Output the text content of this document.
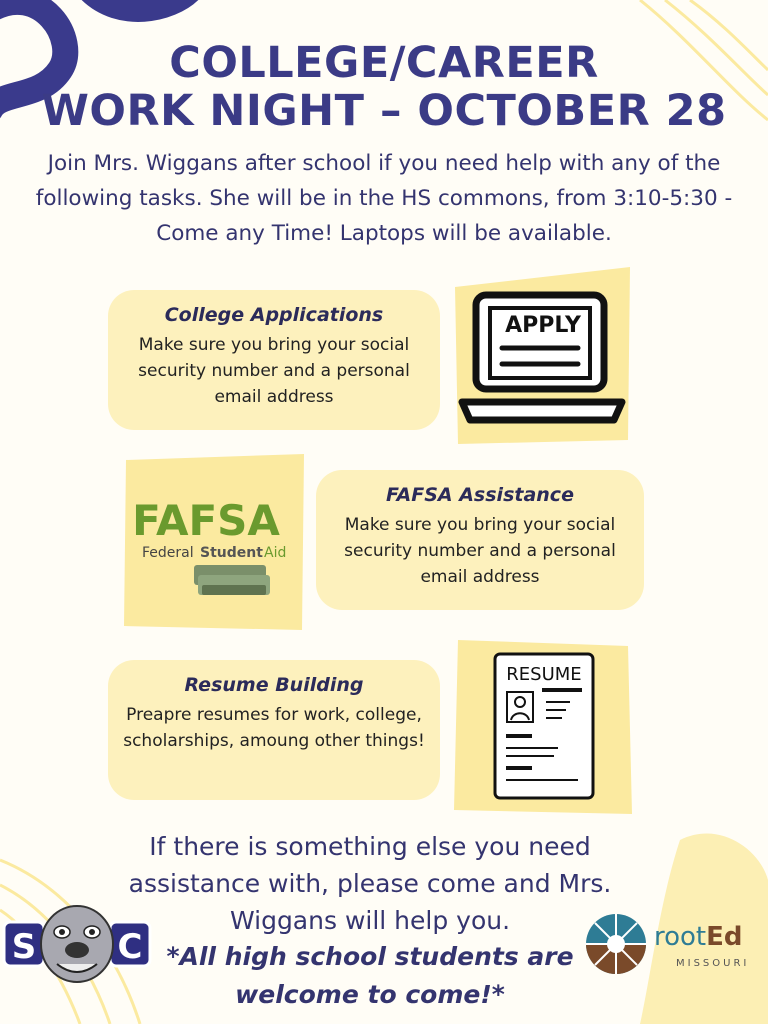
COLLEGE/CAREER
WORK NIGHT – OCTOBER 28
Join Mrs. Wiggans after school if you need help with any of the following tasks. She will be in the HS commons, from 3:10-5:30 - Come any Time! Laptops will be available.
College Applications
Make sure you bring your social security number and a personal email address
APPLY
FAFSA
Federal Student Aid
FAFSA Assistance
Make sure you bring your social security number and a personal email address
Resume Building
Preapre resumes for work, college, scholarships, amoung other things!
RESUME
If there is something else you need assistance with, please come and Mrs. Wiggans will help you.
*All high school students are welcome to come!*
S C	rootEd
MISSOURI
